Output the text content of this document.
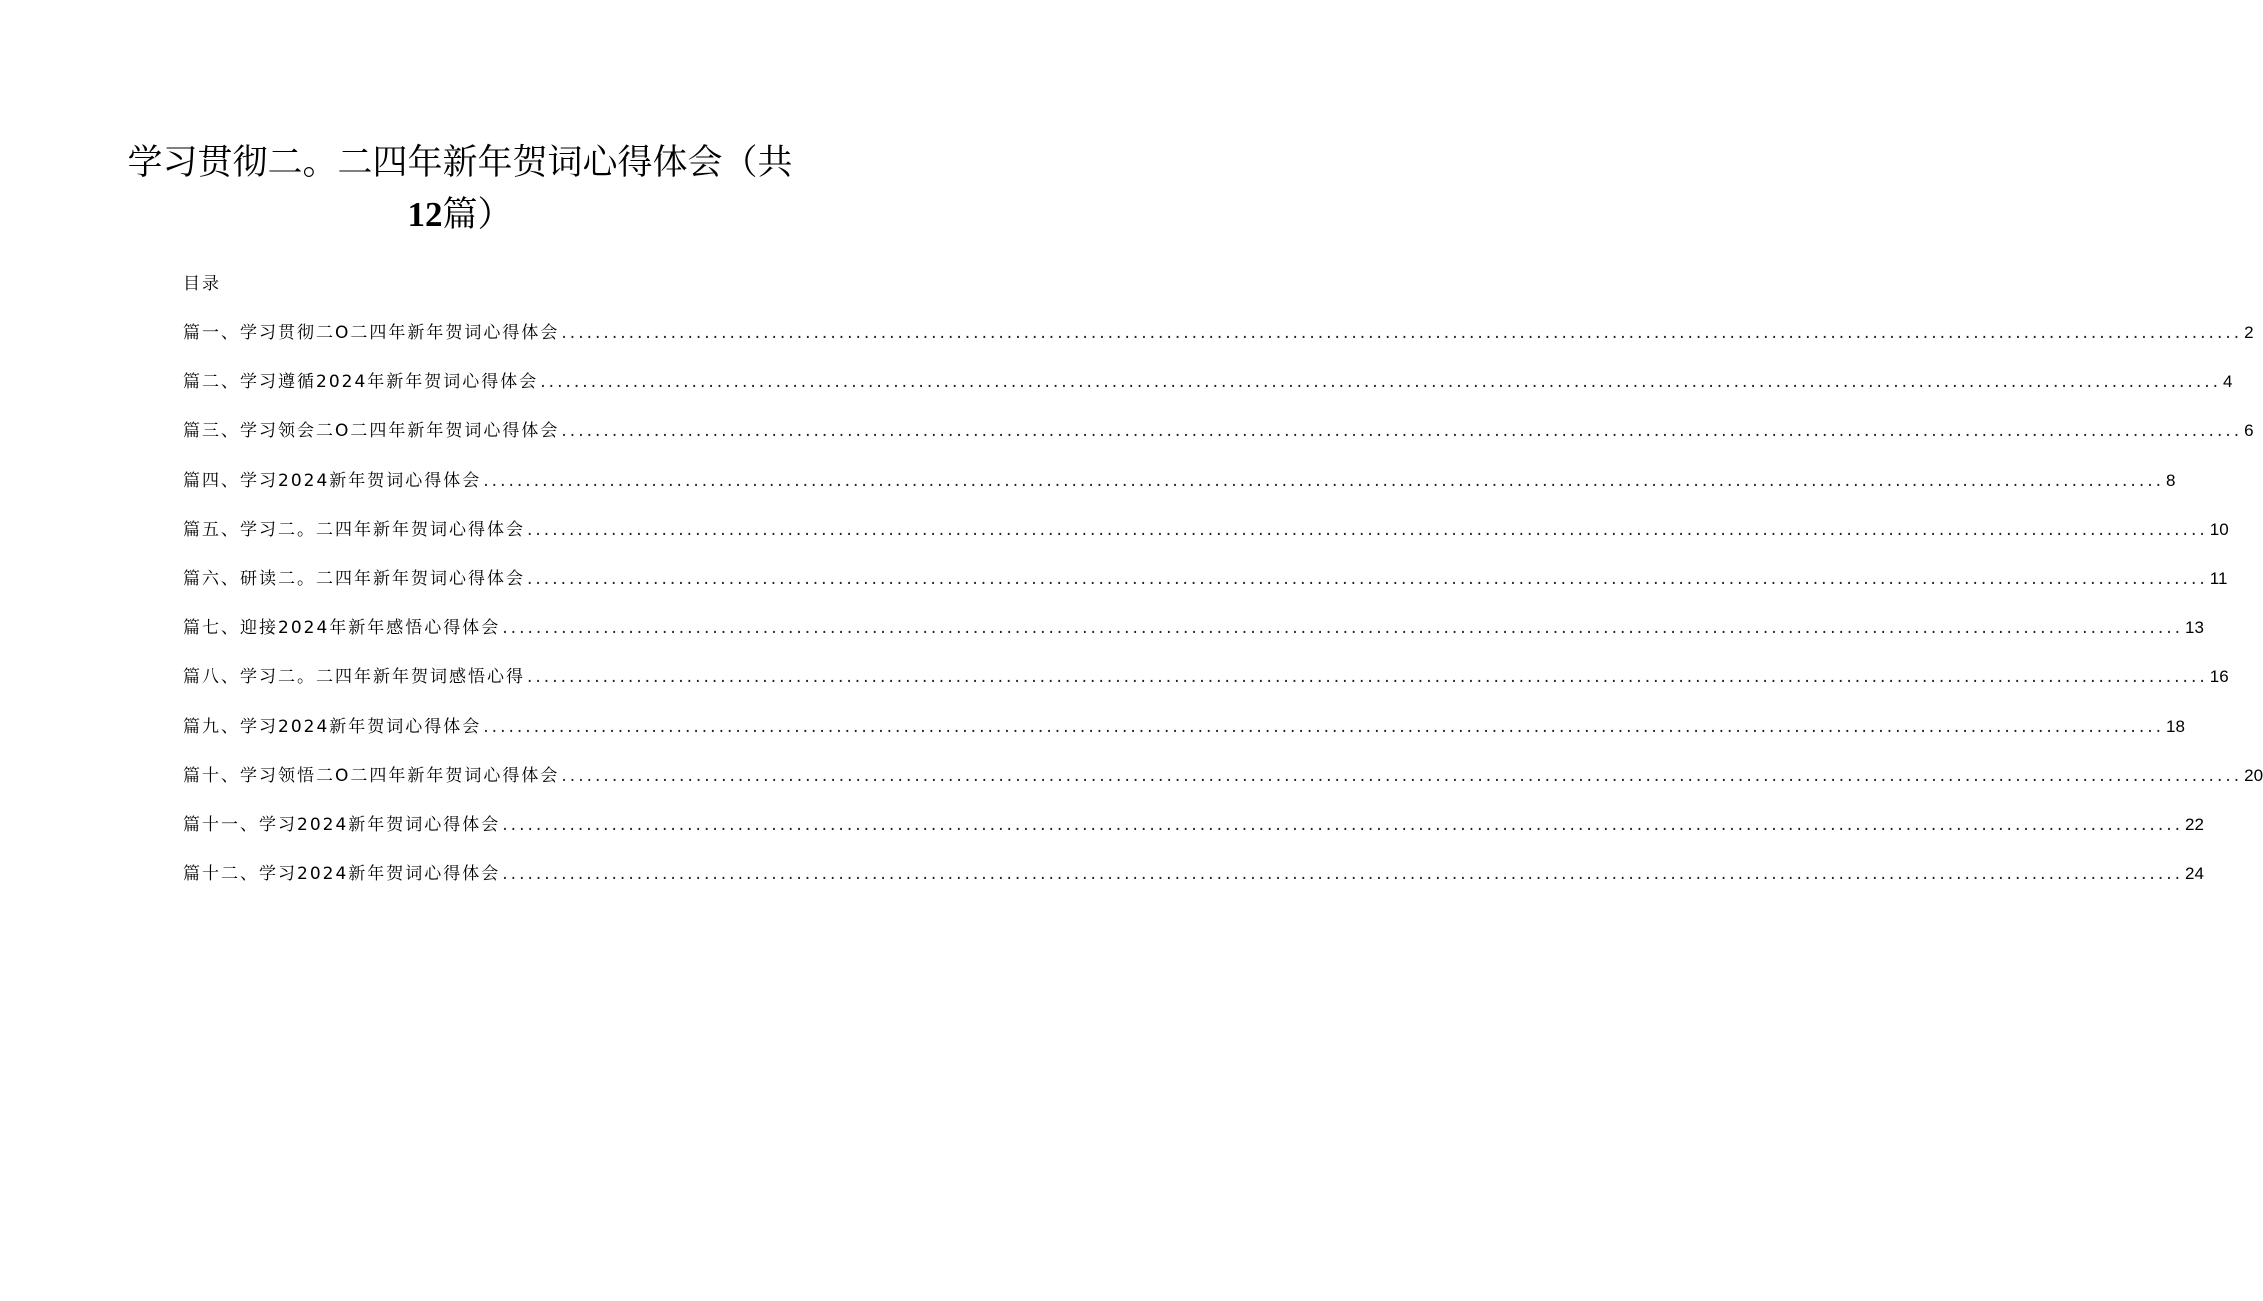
学习贯彻二。二四年新年贺词心得体会（共
12篇）
目录
篇一、学习贯彻二O二四年新年贺词心得体会 ........................................................................................................................................................................................................ 2
篇二、学习遵循2024年新年贺词心得体会 ........................................................................................................................................................................................................ 4
篇三、学习领会二O二四年新年贺词心得体会 ........................................................................................................................................................................................................ 6
篇四、学习2024新年贺词心得体会 ........................................................................................................................................................................................................ 8
篇五、学习二。二四年新年贺词心得体会 ........................................................................................................................................................................................................ 10
篇六、研读二。二四年新年贺词心得体会 ........................................................................................................................................................................................................ 11
篇七、迎接2024年新年感悟心得体会 ........................................................................................................................................................................................................ 13
篇八、学习二。二四年新年贺词感悟心得 ........................................................................................................................................................................................................ 16
篇九、学习2024新年贺词心得体会 ........................................................................................................................................................................................................ 18
篇十、学习领悟二O二四年新年贺词心得体会 ........................................................................................................................................................................................................ 20
篇十一、学习2024新年贺词心得体会 ........................................................................................................................................................................................................ 22
篇十二、学习2024新年贺词心得体会 ........................................................................................................................................................................................................ 24
